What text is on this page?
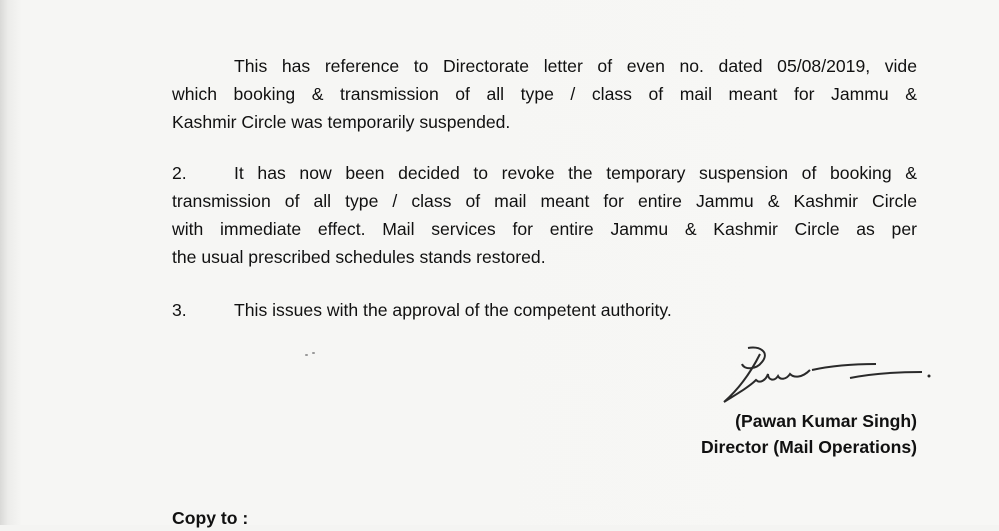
This has reference to Directorate letter of even no. dated 05/08/2019, vide
which booking & transmission of all type / class of mail meant for Jammu &
Kashmir Circle was temporarily suspended.
2.	It has now been decided to revoke the temporary suspension of booking &
transmission of all type / class of mail meant for entire Jammu & Kashmir Circle
with immediate effect. Mail services for entire Jammu & Kashmir Circle as per
the usual prescribed schedules stands restored.
3.	This issues with the approval of the competent authority.
(Pawan Kumar Singh)
Director (Mail Operations)
Copy to :
